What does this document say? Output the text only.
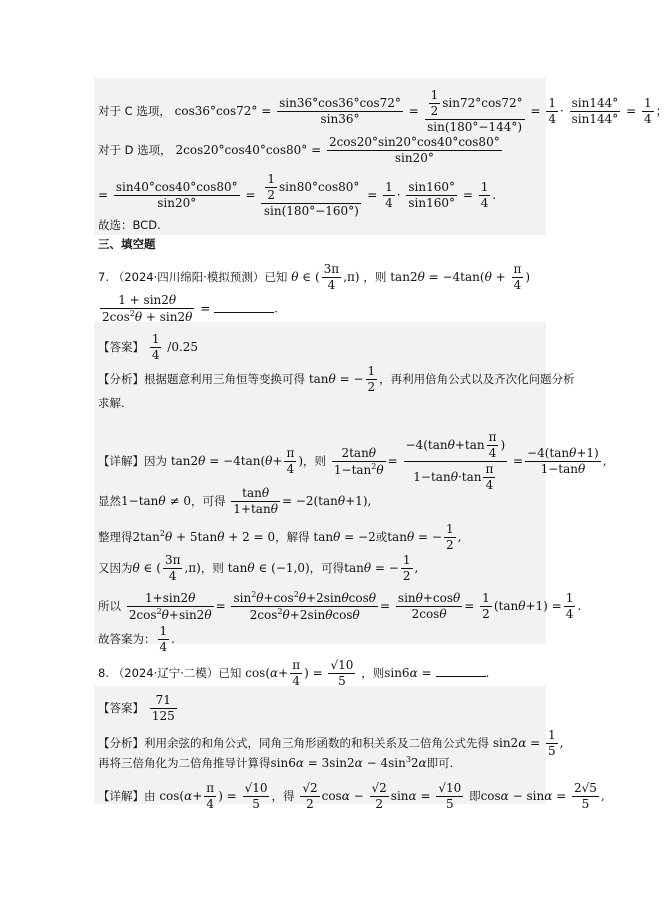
对于 C 选项， $\cos 36^\circ\cos 72^\circ = \frac{\sin 36^\circ\cos 36^\circ\cos 72^\circ}{\sin 36^\circ} = \frac{\frac{1}{2} \sin 72^\circ\cos 72^\circ}{\sin(180^\circ-144^\circ)} = \frac{1}{4} \cdot \frac{\sin 144^\circ}{\sin 144^\circ} = \frac{1}{4}$ ；
对于 D 选项， $2\cos 20^\circ\cos 40^\circ\cos 80^\circ = \frac{2\cos 20^\circ\sin 20^\circ\cos 40^\circ\cos 80^\circ}{\sin 20^\circ}$
= $\frac{\sin 40^\circ\cos 40^\circ\cos 80^\circ}{\sin 20^\circ} = \frac{\frac{1}{2} \sin 80^\circ\cos 80^\circ}{\sin(180^\circ-160^\circ)} = \frac{1}{4} \cdot \frac{\sin 160^\circ}{\sin 160^\circ} = \frac{1}{4}$ .
故选：BCD.
三、填空题
7. （2024·四川绵阳·模拟预测）已知 θ ∈ ( $\frac{3\pi}{4} ,\pi$) ，则 $\tan 2\theta = -4\tan(\theta + \frac{\pi}{4}$ )
$\frac{1 + \sin 2\theta}{2\cos^2\theta + \sin 2\theta}$ =	.
【答案】 $\frac{1}{4} /0.25$
【分析】根据题意利用三角恒等变换可得 tanθ = − $\frac{1}{2}$ ，再利用倍角公式以及齐次化问题分析
求解.
【详解】因为 $\tan 2\theta = -4\tan(\theta+ \frac{\pi}{4}$ )，则 $\frac{2\tan\theta}{1-\tan^2\theta} = \frac{-4(\tan\theta+\tan \frac{\pi}{4} )}{1-\tan\theta\cdot\tan \frac{\pi}{4}} = \frac{-4(\tan\theta+1)}{1-\tan\theta}$ ,
显然1−tanθ ≠ 0，可得 $\frac{\tan\theta}{1+\tan\theta} = -2(\tan\theta+1)$,
整理得$2\tan^2\theta + 5\tan\theta + 2 = 0$，解得 tanθ = −2或tanθ = − $\frac{1}{2}$ ,
又因为θ ∈ ( $\frac{3\pi}{4} ,\pi$)，则 tanθ ∈ (−1,0)，可得tanθ = − $\frac{1}{2}$ ,
所以 $\frac{1+\sin 2\theta}{2\cos^2\theta+\sin 2\theta} = \frac{\sin^2\theta+\cos^2\theta+2\sin\theta\cos\theta}{2\cos^2\theta+2\sin\theta\cos\theta} = \frac{\sin\theta+\cos\theta}{2\cos\theta} = \frac{1}{2} (\tan\theta+1) = \frac{1}{4}$ .
故答案为： $\frac{1}{4}$ .
8. （2024·辽宁·二模）已知 $\cos(\alpha+ \frac{\pi}{4}$ ) = $\frac{√10}{5}$ ，则sin6α =	.
【答案】 $\frac{71}{125}$
【分析】利用余弦的和角公式，同角三角形函数的和积关系及二倍角公式先得 $\sin 2\alpha = \frac{1}{5}$ ,
再将三倍角化为二倍角推导计算得$\sin 6\alpha = 3\sin 2\alpha - 4\sin^32\alpha$即可.
【详解】由 $\cos(\alpha+ \frac{\pi}{4}$ ) = $\frac{√10}{5}$ ，得 $\frac{√2}{2}$ $\cos\alpha - \frac{√2}{2}$ $\sin\alpha = \frac{√10}{5}$ 即$\cos\alpha - \sin\alpha = \frac{2√5}{5}$ ,
